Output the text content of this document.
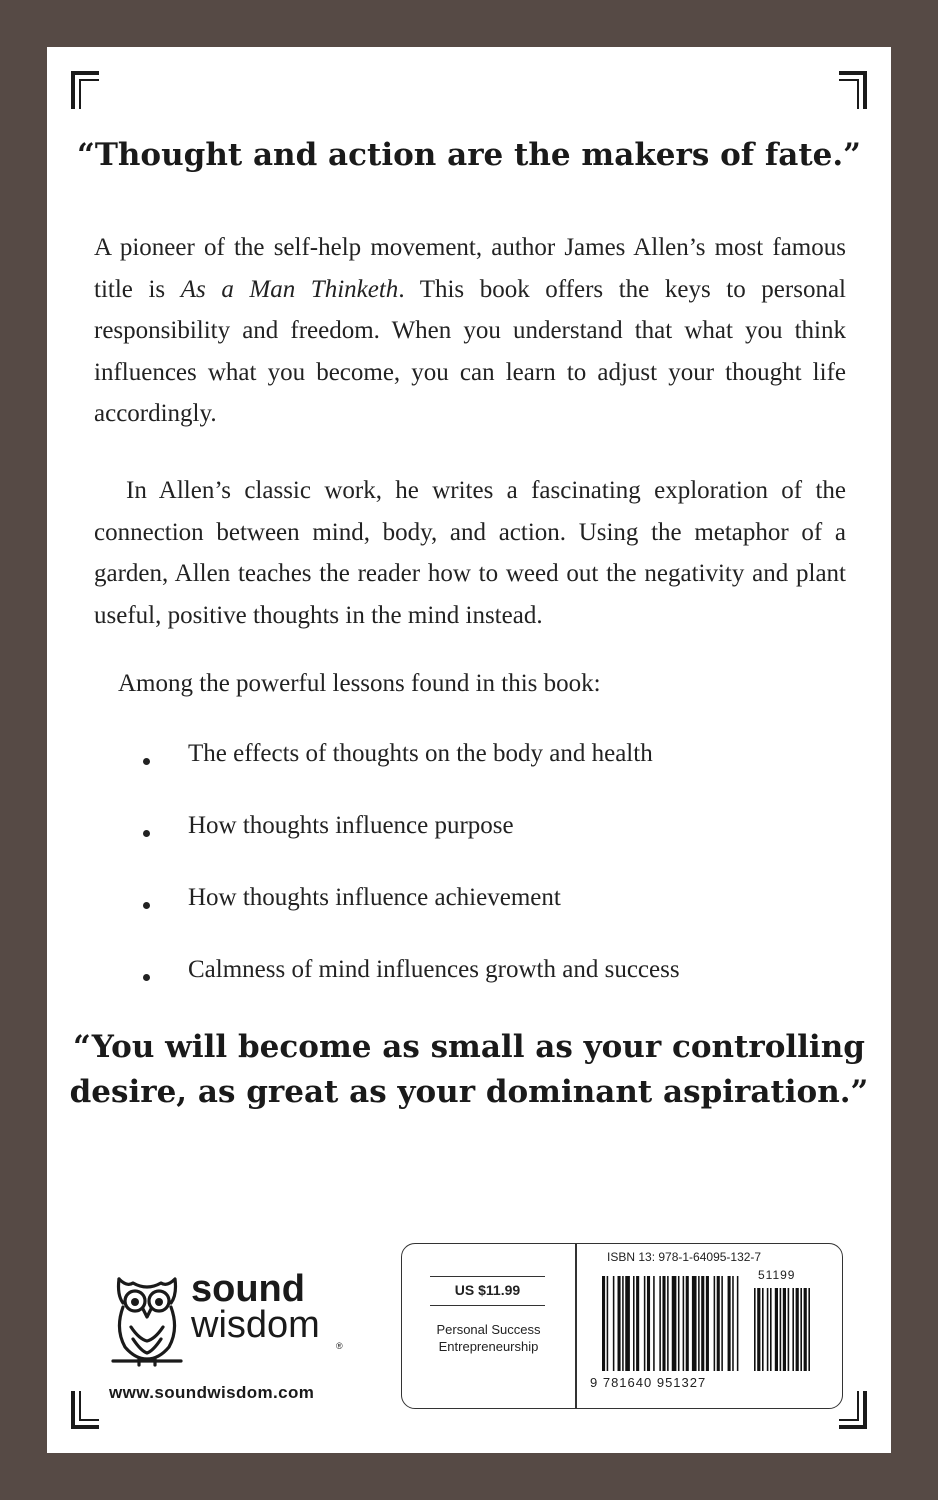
“Thought and action are the makers of fate.”

A pioneer of the self-help movement, author James Allen’s most famous title is As a Man Thinketh. This book offers the keys to personal responsibility and freedom. When you understand that what you think influences what you become, you can learn to adjust your thought life accordingly.

In Allen’s classic work, he writes a fascinating exploration of the connection between mind, body, and action. Using the metaphor of a garden, Allen teaches the reader how to weed out the negativity and plant useful, positive thoughts in the mind instead.

Among the powerful lessons found in this book:

The effects of thoughts on the body and health
How thoughts influence purpose
How thoughts influence achievement
Calmness of mind influences growth and success

“You will become as small as your controlling
desire, as great as your dominant aspiration.”

sound
wisdom ®
www.soundwisdom.com
US $11.99
Personal Success
Entrepreneurship
ISBN 13: 978-1-64095-132-7
9 781640 951327
51199
